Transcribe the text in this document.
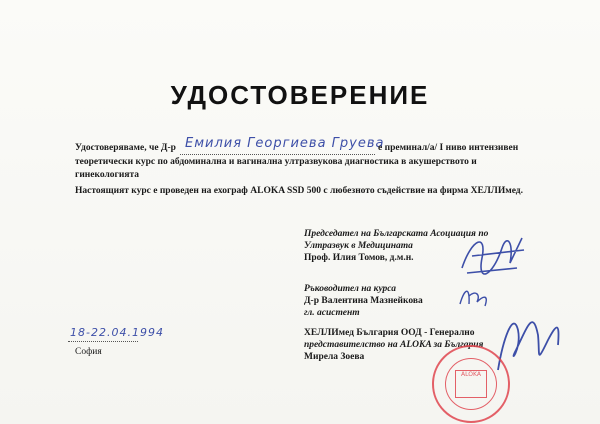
УДОСТОВЕРЕНИЕ
Удостоверяваме, че Д-р Емилия Георгиева Груева
е преминал/а/ I ниво интензивен
теоретически курс по абдоминална и вагинална ултразвукова диагностика в акушерството и
гинекологията
Настоящият курс е проведен на ехограф ALOKA SSD 500 с любезното съдействие на фирма ХЕЛЛИмед.
Председател на Българската Асоциация по
Ултразвук в Медицината
Проф. Илия Томов, д.м.н.
Ръководител на курса
Д-р Валентина Мазнейкова
гл. асистент
ХЕЛЛИмед България ООД - Генерално
представителство на ALOKA за България
Мирела Зоева
ALOKA
18-22.04.1994
София
